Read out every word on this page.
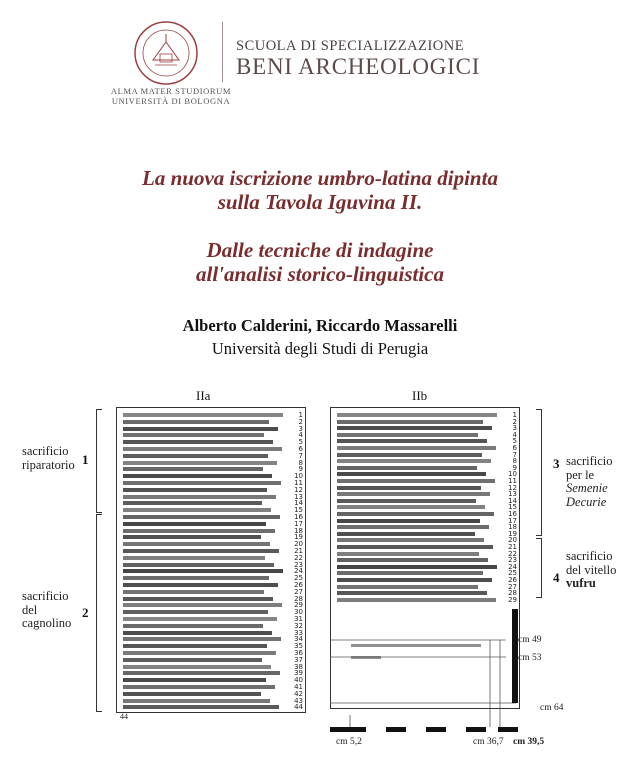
ALMA MATER STUDIORUM
UNIVERSITÀ DI BOLOGNA
SCUOLA DI SPECIALIZZAZIONE
BENI ARCHEOLOGICI
La nuova iscrizione umbro-latina dipinta
sulla Tavola Iguvina II.
Dalle tecniche di indagine
all'analisi storico-linguistica
Alberto Calderini, Riccardo Massarelli
Università degli Studi di Perugia
IIa	IIb
1
2
3
4
5
6
7
8
9
10
11
12
13
14
15
16
17
18
19
20
21
22
23
24
25
26
27
28
29
30
31
32
33
34
35
36
37
38
39
40
41
42
43
44
1
2
3
4
5
6
7
8
9
10
11
12
13
14
15
16
17
18
19
20
21
22
23
24
25
26
27
28
29
44
sacrificio
riparatorio 1
sacrificio
del
cagnolino
2
3 sacrificio
per le
Semenie
Decurie
4
sacrificio
del vitello
vufru
cm 49
cm 53
cm 64
cm 5,2	cm 36,7 cm 39,5
